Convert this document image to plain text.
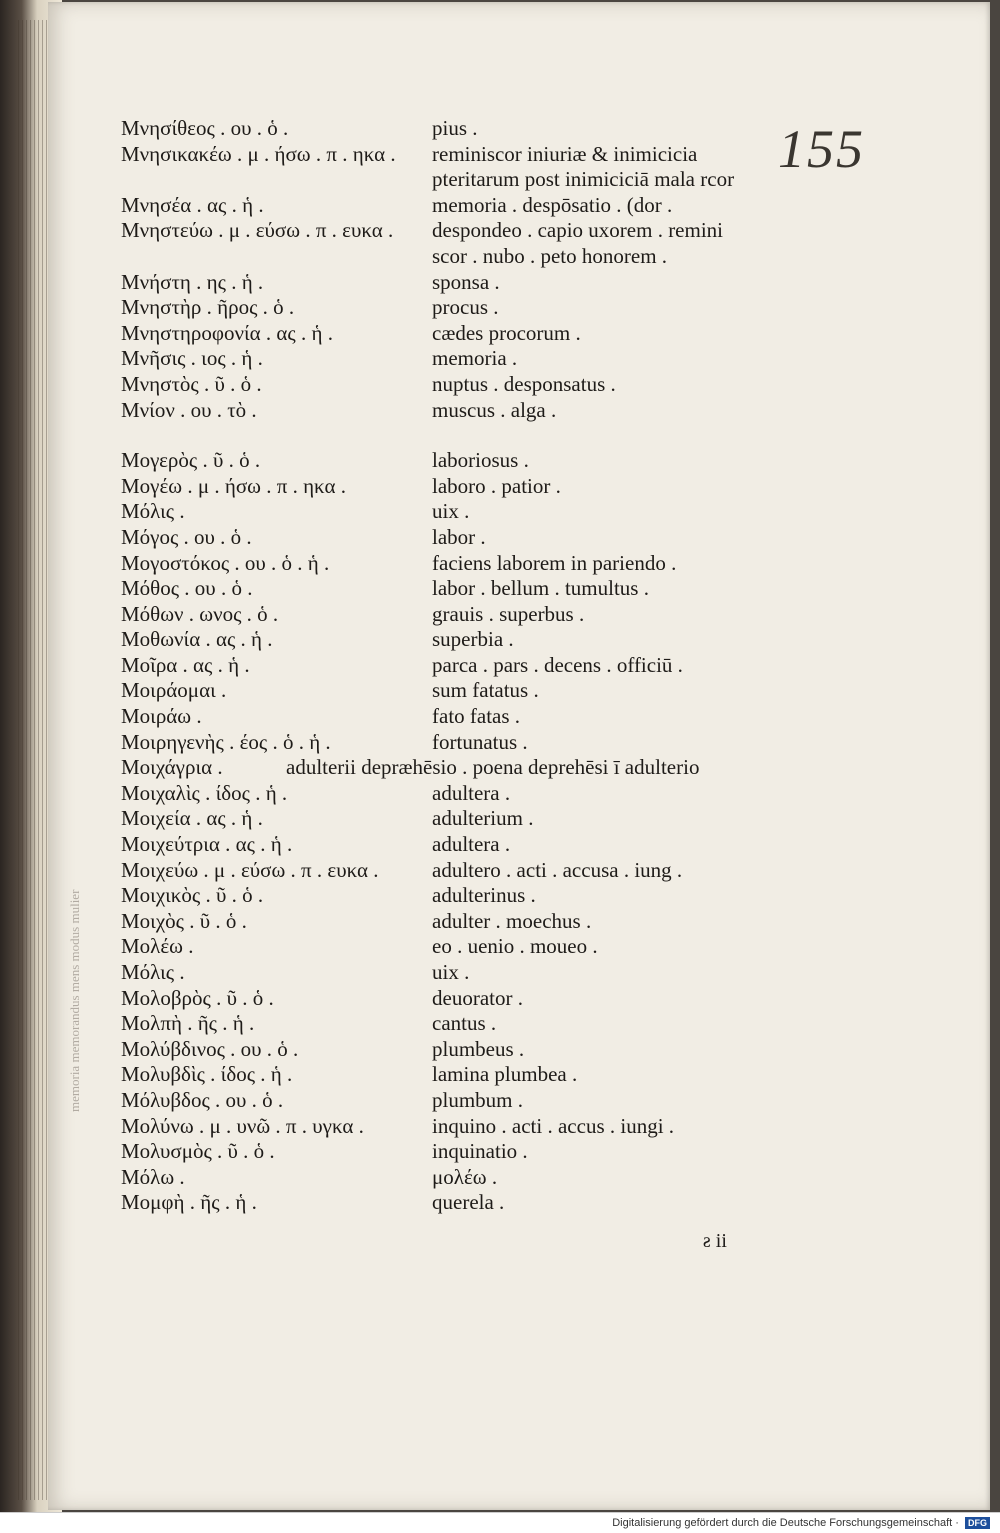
memoria memorandus mens modus mulier
155
Μνησίθεος . ου . ὁ .	pius .
Μνησικακέω . μ . ήσω . π . ηκα . reminiscor iniuriæ & inimicicia
pteritarum post inimiciciā mala rcor
Μνησέα . ας . ἡ .	memoria . despōsatio . (dor .
Μνηστεύω . μ . εύσω . π . ευκα . despondeo . capio uxorem . remini
scor . nubo . peto honorem .
Μνήστη . ης . ἡ .	sponsa .
Μνηστὴρ . ῆρος . ὁ .	procus .
Μνηστηροφονία . ας . ἡ .	cædes procorum .
Μνῆσις . ιος . ἡ .	memoria .
Μνηστὸς . ῦ . ὁ .	nuptus . desponsatus .
Μνίον . ου . τὸ .	muscus . alga .
Μογερὸς . ῦ . ὁ .	laboriosus .
Μογέω . μ . ήσω . π . ηκα .	laboro . patior .
Μόλις .	uix .
Μόγος . ου . ὁ .	labor .
Μογοστόκος . ου . ὁ . ἡ .	faciens laborem in pariendo .
Μόθος . ου . ὁ .	labor . bellum . tumultus .
Μόθων . ωνος . ὁ .	grauis . superbus .
Μοθωνία . ας . ἡ .	superbia .
Μοῖρα . ας . ἡ .	parca . pars . decens . officiū .
Μοιράομαι .	sum fatatus .
Μοιράω .	fato fatas .
Μοιρηγενὴς . έος . ὁ . ἡ .	fortunatus .
Μοιχάγρια .	adulterii depræhēsio . poena deprehēsi ī adulterio
Μοιχαλὶς . ίδος . ἡ .	adultera .
Μοιχεία . ας . ἡ .	adulterium .
Μοιχεύτρια . ας . ἡ .	adultera .
Μοιχεύω . μ . εύσω . π . ευκα .	adultero . acti . accusa . iung .
Μοιχικὸς . ῦ . ὁ .	adulterinus .
Μοιχὸς . ῦ . ὁ .	adulter . moechus .
Μολέω .	eo . uenio . moueo .
Μόλις .	uix .
Μολοβρὸς . ῦ . ὁ .	deuorator .
Μολπὴ . ῆς . ἡ .	cantus .
Μολύβδινος . ου . ὁ .	plumbeus .
Μολυβδὶς . ίδος . ἡ .	lamina plumbea .
Μόλυβδος . ου . ὁ .	plumbum .
Μολύνω . μ . υνῶ . π . υγκα .	inquino . acti . accus . iungi .
Μολυσμὸς . ῦ . ὁ .	inquinatio .
Μόλω .	μολέω .
Μομφὴ . ῆς . ἡ .	querela .
ƨ ii
Digitalisierung gefördert durch die Deutsche Forschungsgemeinschaft · DFG
